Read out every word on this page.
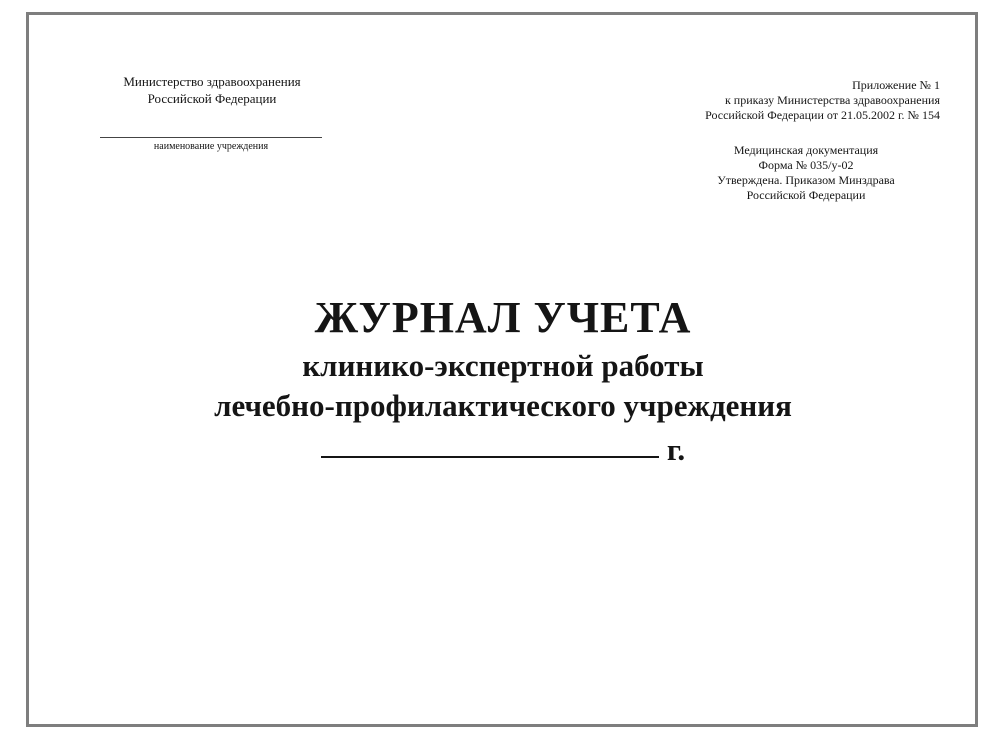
Министерство здравоохранения
Российской Федерации
наименование учреждения
Приложение № 1
к приказу Министерства здравоохранения
Российской Федерации от 21.05.2002 г. № 154
Медицинская документация
Форма № 035/у-02
Утверждена. Приказом Минздрава
Российской Федерации
ЖУРНАЛ УЧЕТА
клинико-экспертной работы
лечебно-профилактического учреждения
г.
